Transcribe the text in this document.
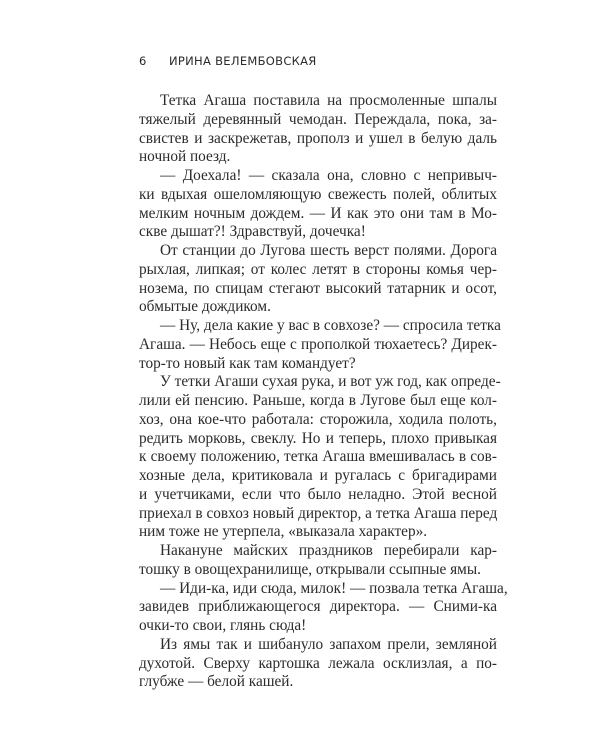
6 ИРИНА ВЕЛЕМБОВСКАЯ
Тетка Агаша поставила на просмоленные шпалы
тяжелый деревянный чемодан. Переждала, пока, за-
свистев и заскрежетав, прополз и ушел в белую даль
ночной поезд.
— Доехала! — сказала она, словно с непривыч-
ки вдыхая ошеломляющую свежесть полей, облитых
мелким ночным дождем. — И как это они там в Мо-
скве дышат?! Здравствуй, дочечка!
От станции до Лугова шесть верст полями. Дорога
рыхлая, липкая; от колес летят в стороны комья чер-
нозема, по спицам стегают высокий татарник и осот,
обмытые дождиком.
— Ну, дела какие у вас в совхозе? — спросила тетка
Агаша. — Небось еще с прополкой тюхаетесь? Дирек-
тор-то новый как там командует?
У тетки Агаши сухая рука, и вот уж год, как опреде-
лили ей пенсию. Раньше, когда в Лугове был еще кол-
хоз, она кое-что работала: сторожила, ходила полоть,
редить морковь, свеклу. Но и теперь, плохо привыкая
к своему положению, тетка Агаша вмешивалась в сов-
хозные дела, критиковала и ругалась с бригадирами
и учетчиками, если что было неладно. Этой весной
приехал в совхоз новый директор, а тетка Агаша перед
ним тоже не утерпела, «выказала характер».
Накануне майских праздников перебирали кар-
тошку в овощехранилище, открывали ссыпные ямы.
— Иди-ка, иди сюда, милок! — позвала тетка Агаша,
завидев приближающегося директора. — Сними-ка
очки-то свои, глянь сюда!
Из ямы так и шибануло запахом прели, земляной
духотой. Сверху картошка лежала осклизлая, а по-
глубже — белой кашей.
